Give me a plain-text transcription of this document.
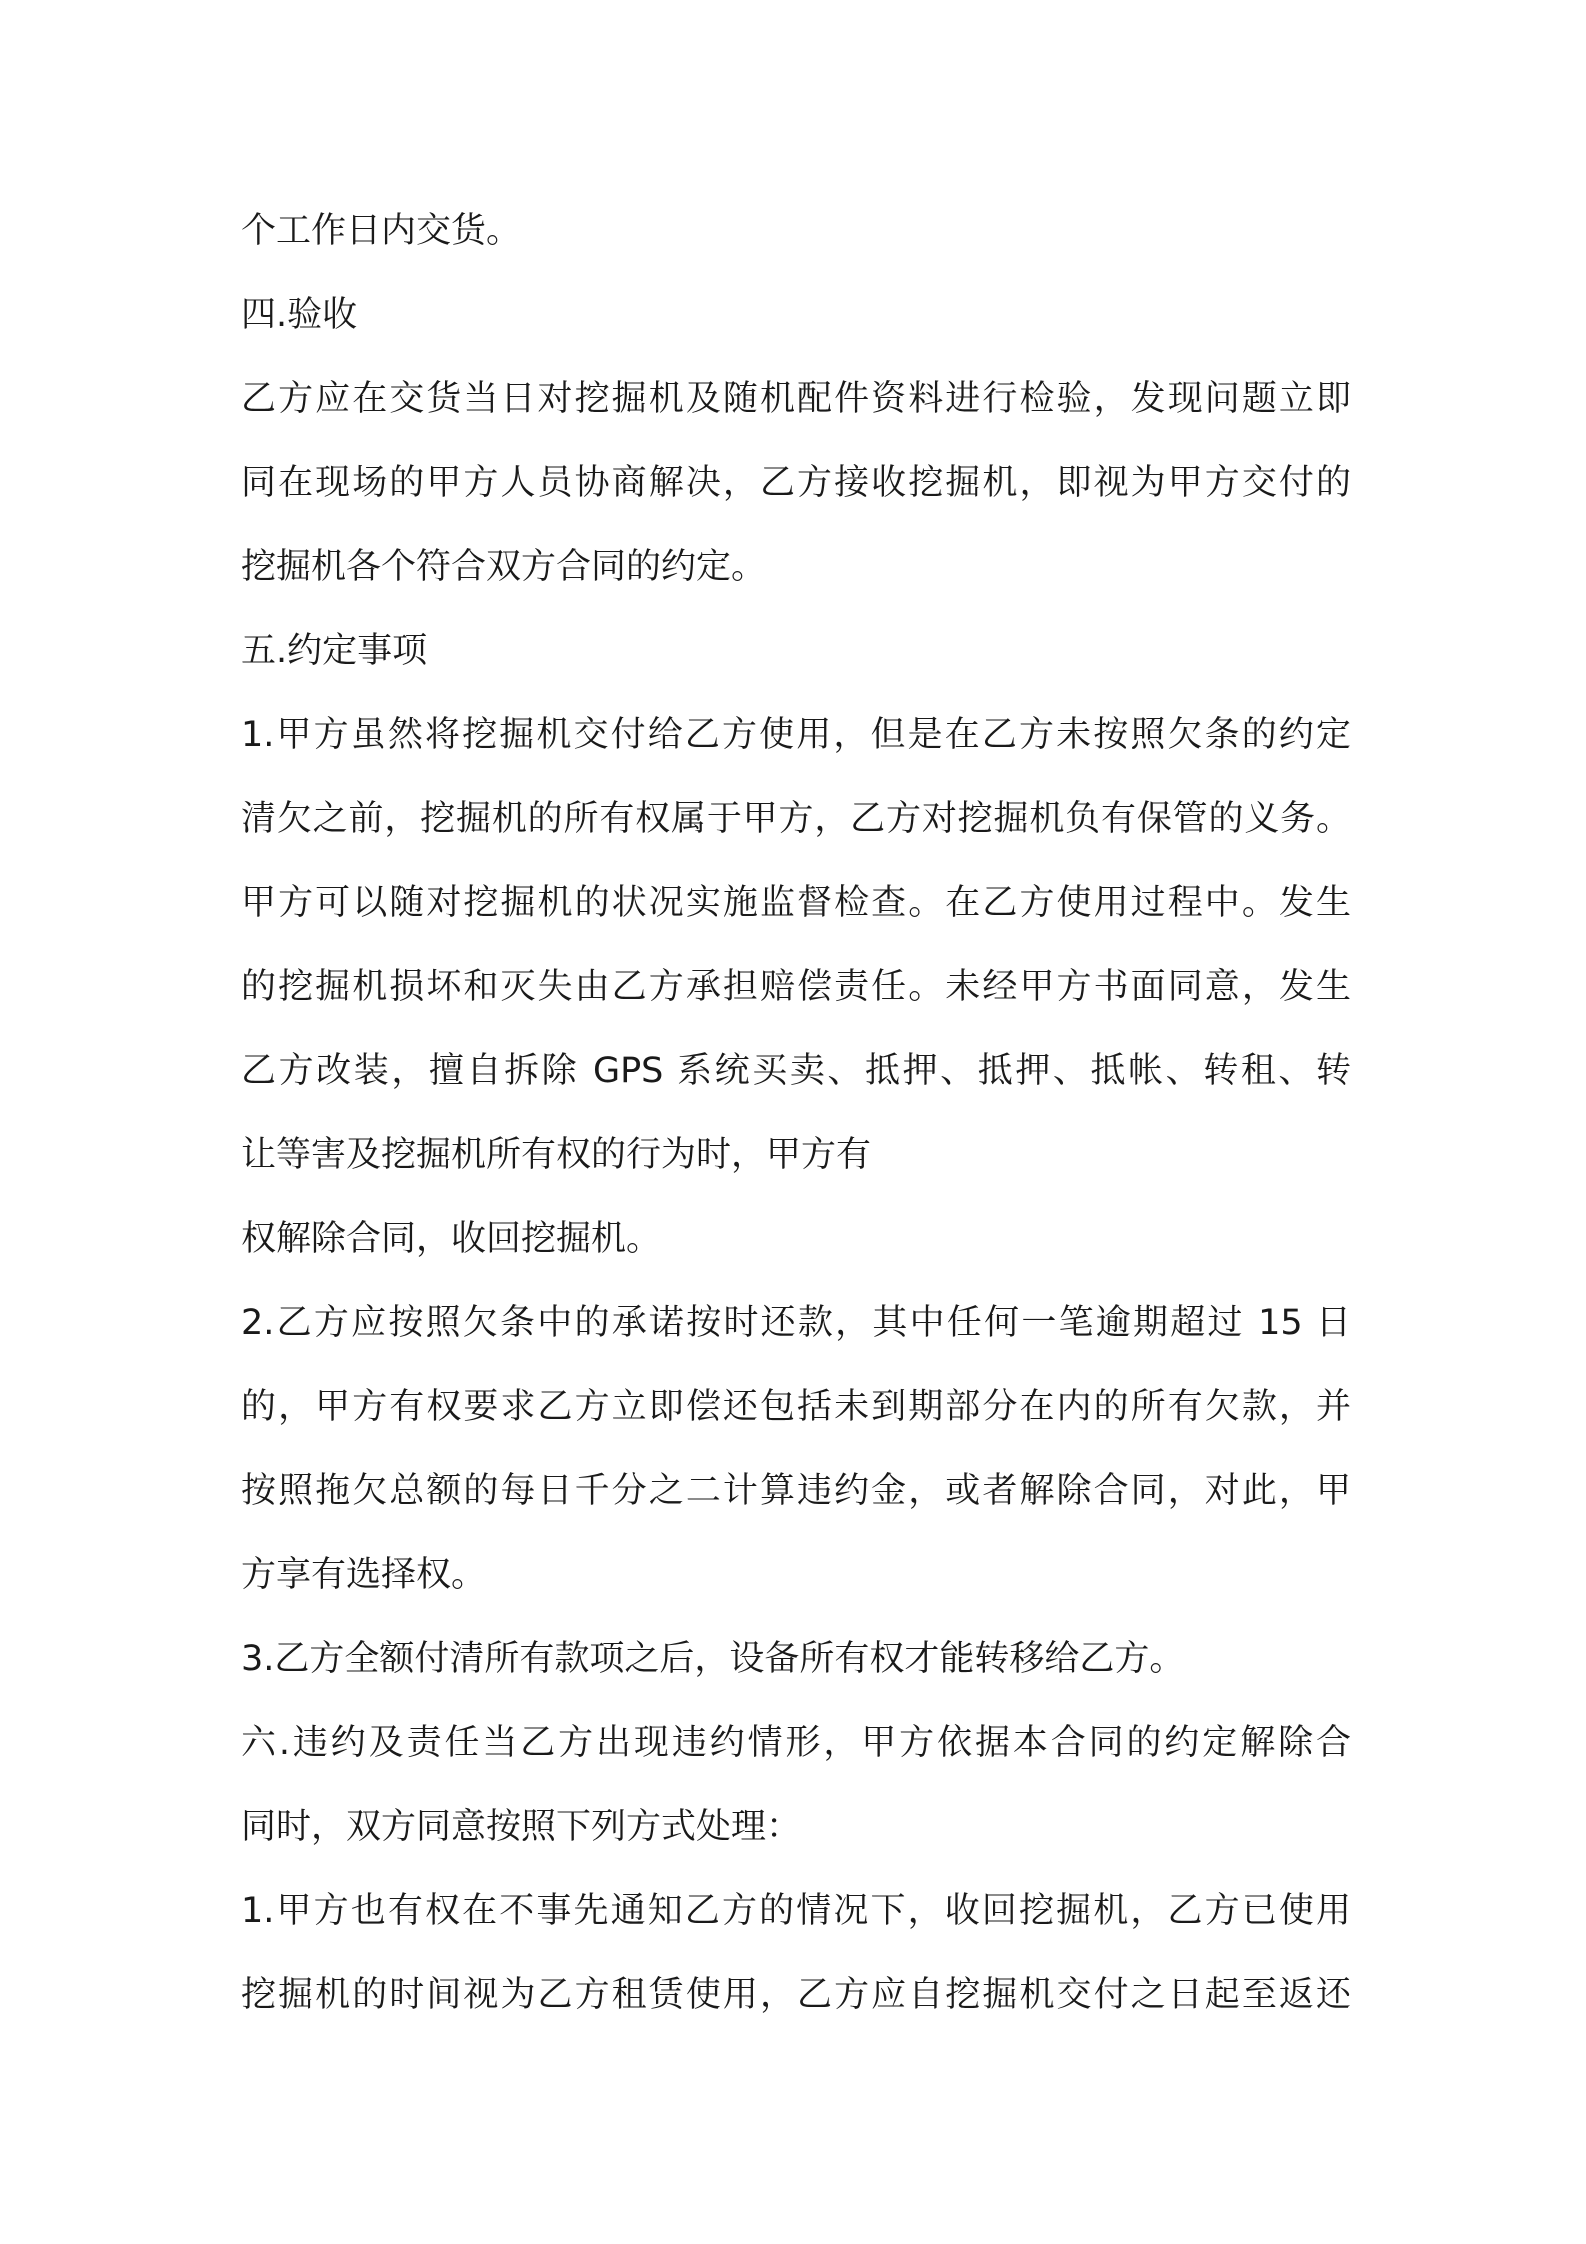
个工作日内交货。
四.验收
乙方应在交货当日对挖掘机及随机配件资料进行检验，发现问题立即
同在现场的甲方人员协商解决，乙方接收挖掘机，即视为甲方交付的
挖掘机各个符合双方合同的约定。
五.约定事项
1.甲方虽然将挖掘机交付给乙方使用，但是在乙方未按照欠条的约定
清欠之前，挖掘机的所有权属于甲方，乙方对挖掘机负有保管的义务。
甲方可以随对挖掘机的状况实施监督检查。在乙方使用过程中。发生
的挖掘机损坏和灭失由乙方承担赔偿责任。未经甲方书面同意，发生
乙方改装，擅自拆除 GPS 系统买卖、抵押、抵押、抵帐、转租、转
让等害及挖掘机所有权的行为时，甲方有
权解除合同，收回挖掘机。
2.乙方应按照欠条中的承诺按时还款，其中任何一笔逾期超过 15 日
的，甲方有权要求乙方立即偿还包括未到期部分在内的所有欠款，并
按照拖欠总额的每日千分之二计算违约金，或者解除合同，对此，甲
方享有选择权。
3.乙方全额付清所有款项之后，设备所有权才能转移给乙方。
六.违约及责任当乙方出现违约情形，甲方依据本合同的约定解除合
同时，双方同意按照下列方式处理：
1.甲方也有权在不事先通知乙方的情况下，收回挖掘机，乙方已使用
挖掘机的时间视为乙方租赁使用，乙方应自挖掘机交付之日起至返还
